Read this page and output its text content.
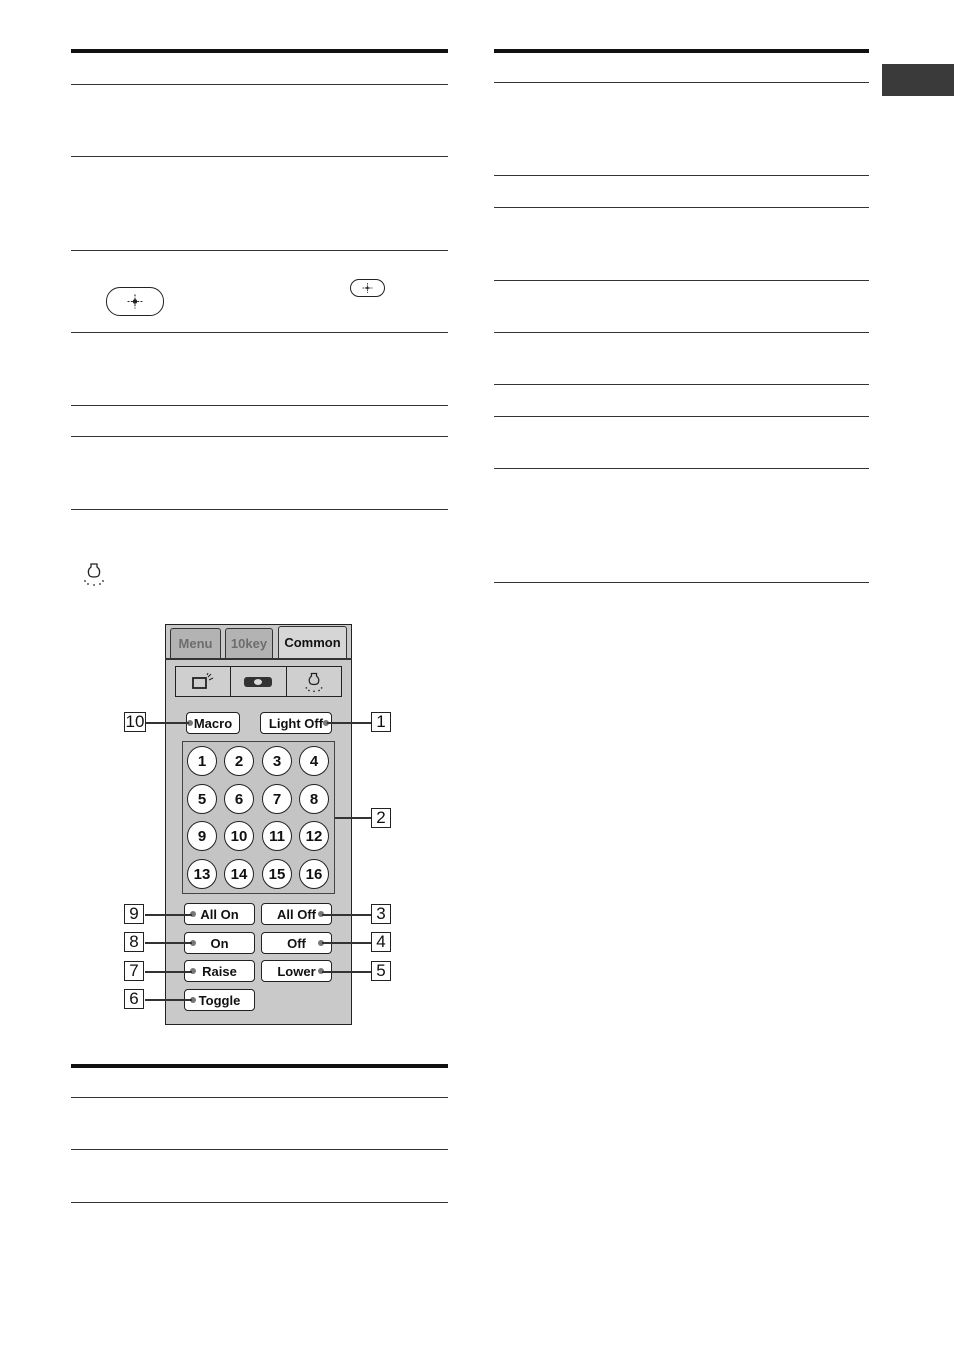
Menu	10key	Common
Macro	Light Off
1	2	3	4
5	6	7	8
9	10	11	12
13	14	15	16
All On	All Off
On	Off
Raise	Lower
Toggle
10	1
2
9	3
8	4
7	5
6
